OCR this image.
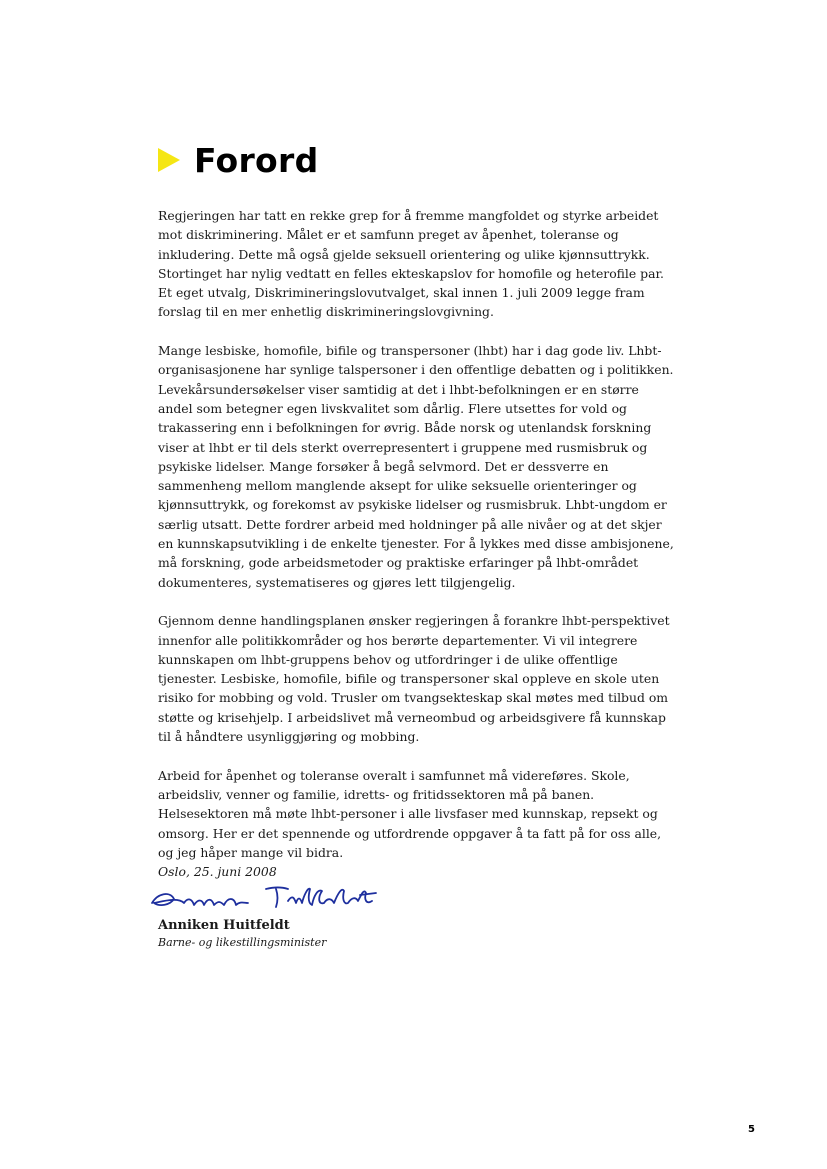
Forord

Regjeringen har tatt en rekke grep for å fremme mangfoldet og styrke arbeidet mot diskriminering. Målet er et samfunn preget av åpenhet, toleranse og inkludering. Dette må også gjelde seksuell orientering og ulike kjønnsuttrykk. Stortinget har nylig vedtatt en felles ekteskapslov for homofile og heterofile par. Et eget utvalg, Diskrimineringslovutvalget, skal innen 1. juli 2009 legge fram forslag til en mer enhetlig diskrimineringslovgivning.

Mange lesbiske, homofile, bifile og transpersoner (lhbt) har i dag gode liv. Lhbt-organisasjonene har synlige talspersoner i den offentlige debatten og i politikken. Levekårsundersøkelser viser samtidig at det i lhbt-befolkningen er en større andel som betegner egen livskvalitet som dårlig. Flere utsettes for vold og trakassering enn i befolkningen for øvrig. Både norsk og utenlandsk forskning viser at lhbt er til dels sterkt overrepresentert i gruppene med rusmisbruk og psykiske lidelser. Mange forsøker å begå selvmord. Det er dessverre en sammenheng mellom manglende aksept for ulike seksuelle orienteringer og kjønnsuttrykk, og forekomst av psykiske lidelser og rusmisbruk. Lhbt-ungdom er særlig utsatt. Dette fordrer arbeid med holdninger på alle nivåer og at det skjer en kunnskapsutvikling i de enkelte tjenester. For å lykkes med disse ambisjonene, må forskning, gode arbeidsmetoder og praktiske erfaringer på lhbt-området dokumenteres, systematiseres og gjøres lett tilgjengelig.

Gjennom denne handlingsplanen ønsker regjeringen å forankre lhbt-perspektivet innenfor alle politikkområder og hos berørte departementer. Vi vil integrere kunnskapen om lhbt-gruppens behov og utfordringer i de ulike offentlige tjenester. Lesbiske, homofile, bifile og transpersoner skal oppleve en skole uten risiko for mobbing og vold. Trusler om tvangsekteskap skal møtes med tilbud om støtte og krisehjelp. I arbeidslivet må verneombud og arbeidsgivere få kunnskap til å håndtere usynliggjøring og mobbing.

Arbeid for åpenhet og toleranse overalt i samfunnet må videreføres. Skole, arbeidsliv, venner og familie, idretts- og fritidssektoren må på banen. Helsesektoren må møte lhbt-personer i alle livsfaser med kunnskap, repsekt og omsorg. Her er det spennende og utfordrende oppgaver å ta fatt på for oss alle, og jeg håper mange vil bidra.

Oslo, 25. juni 2008
Anniken Huitfeldt
Barne- og likestillingsminister
5
